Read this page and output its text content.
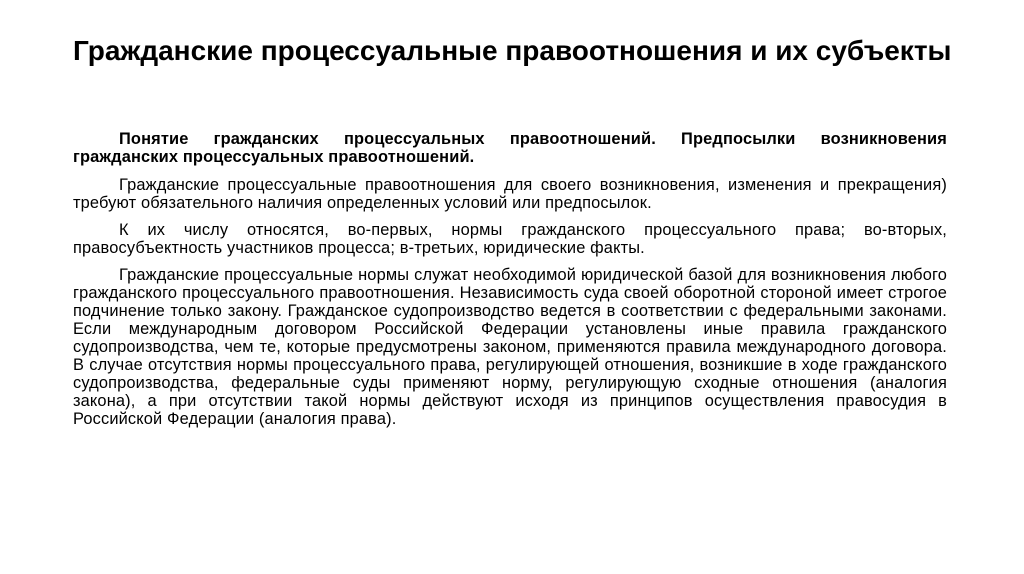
Гражданские процессуальные правоотношения и их субъекты

Понятие гражданских процессуальных правоотношений. Предпосылки возникновения гражданских процессуальных правоотношений.

Гражданские процессуальные правоотношения для своего возникновения, изменения и прекращения) требуют обязательного наличия определенных условий или предпосылок.

К их числу относятся, во-первых, нормы гражданского процессуального права; во-вторых, правосубъектность участников процесса; в-третьих, юридические факты.

Гражданские процессуальные нормы служат необходимой юридической базой для возникновения любого гражданского процессуального правоотношения. Независимость суда своей оборотной стороной имеет строгое подчинение только закону. Гражданское судопроизводство ведется в соответствии с федеральными законами. Если международным договором Российской Федерации установлены иные правила гражданского судопроизводства, чем те, которые предусмотрены законом, применяются правила международного договора. В случае отсутствия нормы процессуального права, регулирующей отношения, возникшие в ходе гражданского судопроизводства, федеральные суды применяют норму, регулирующую сходные отношения (аналогия закона), а при отсутствии такой нормы действуют исходя из принципов осуществления правосудия в Российской Федерации (аналогия права).
